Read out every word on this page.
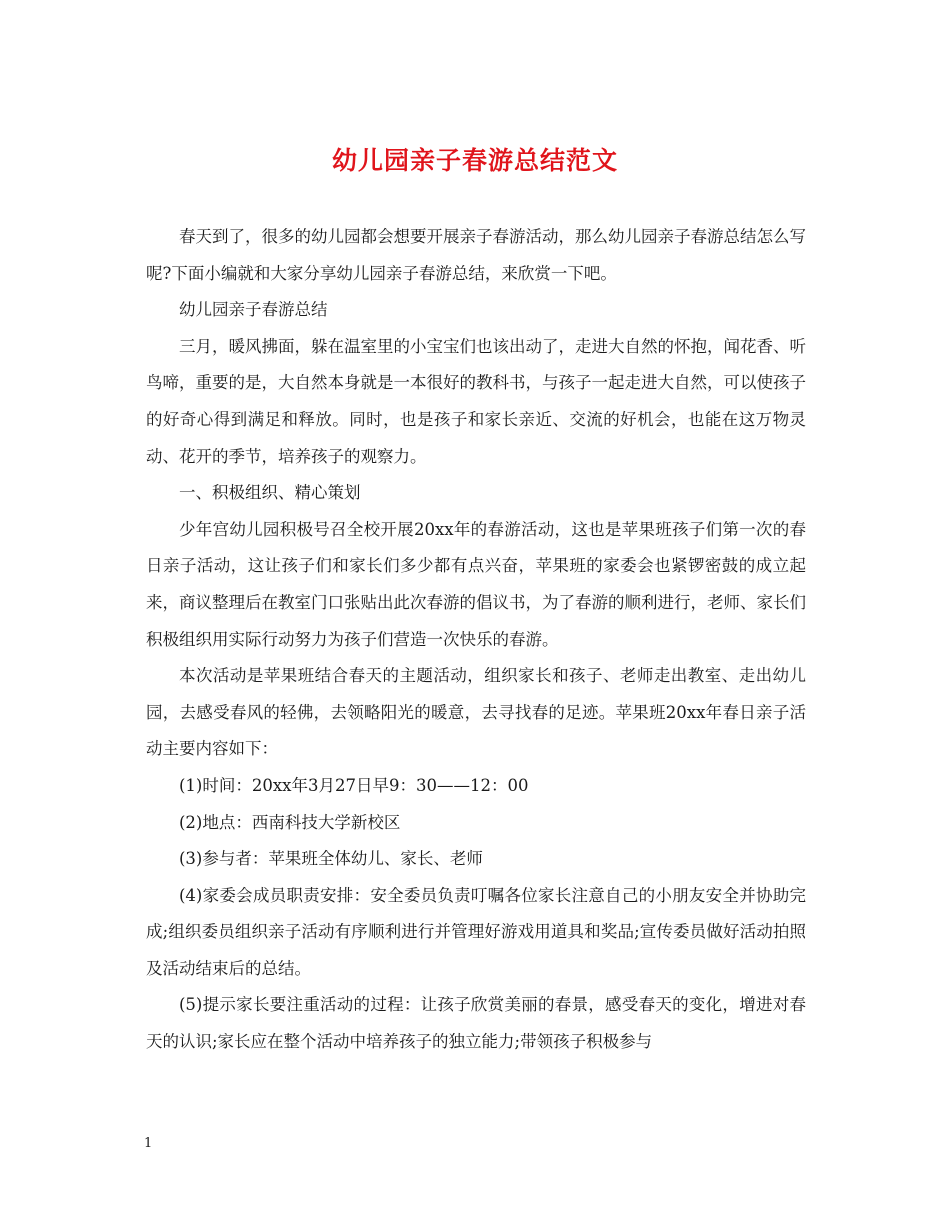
幼儿园亲子春游总结范文

春天到了，很多的幼儿园都会想要开展亲子春游活动，那么幼儿园亲子春游总结怎么写呢?下面小编就和大家分享幼儿园亲子春游总结，来欣赏一下吧。

幼儿园亲子春游总结

三月，暖风拂面，躲在温室里的小宝宝们也该出动了，走进大自然的怀抱，闻花香、听鸟啼，重要的是，大自然本身就是一本很好的教科书，与孩子一起走进大自然，可以使孩子的好奇心得到满足和释放。同时，也是孩子和家长亲近、交流的好机会，也能在这万物灵动、花开的季节，培养孩子的观察力。

一、积极组织、精心策划

少年宫幼儿园积极号召全校开展20xx年的春游活动，这也是苹果班孩子们第一次的春日亲子活动，这让孩子们和家长们多少都有点兴奋，苹果班的家委会也紧锣密鼓的成立起来，商议整理后在教室门口张贴出此次春游的倡议书，为了春游的顺利进行，老师、家长们积极组织用实际行动努力为孩子们营造一次快乐的春游。

本次活动是苹果班结合春天的主题活动，组织家长和孩子、老师走出教室、走出幼儿园，去感受春风的轻佛，去领略阳光的暖意，去寻找春的足迹。苹果班20xx年春日亲子活动主要内容如下：

(1)时间：20xx年3月27日早9：30——12：00

(2)地点：西南科技大学新校区

(3)参与者：苹果班全体幼儿、家长、老师

(4)家委会成员职责安排：安全委员负责叮嘱各位家长注意自己的小朋友安全并协助完成;组织委员组织亲子活动有序顺利进行并管理好游戏用道具和奖品;宣传委员做好活动拍照及活动结束后的总结。

(5)提示家长要注重活动的过程：让孩子欣赏美丽的春景，感受春天的变化，增进对春天的认识;家长应在整个活动中培养孩子的独立能力;带领孩子积极参与

1
